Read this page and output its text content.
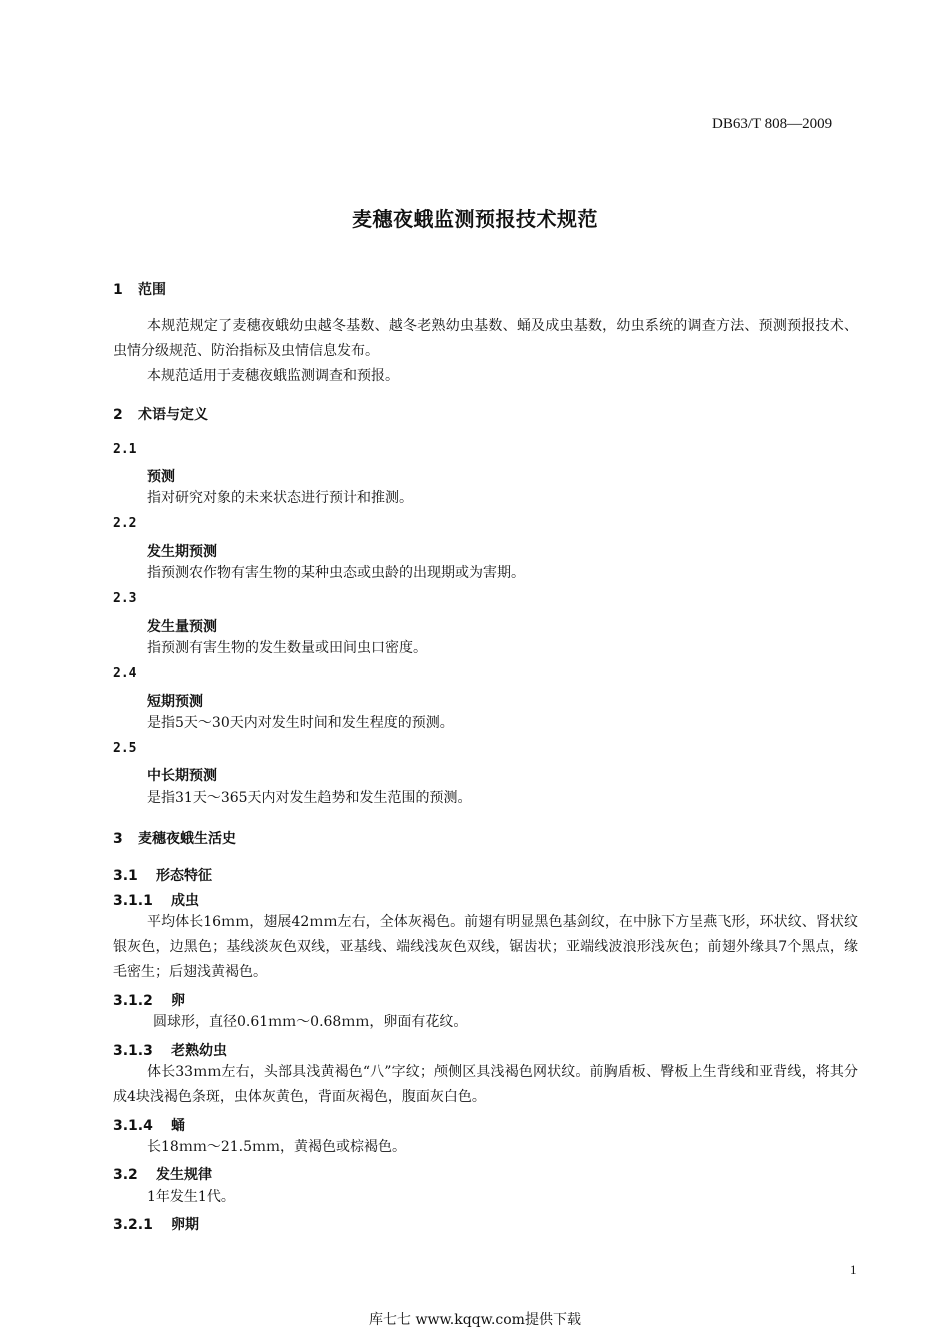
DB63/T 808—2009
麦穗夜蛾监测预报技术规范
1 范围
本规范规定了麦穗夜蛾幼虫越冬基数、越冬老熟幼虫基数、蛹及成虫基数，幼虫系统的调查方法、预测预报技术、虫情分级规范、防治指标及虫情信息发布。
本规范适用于麦穗夜蛾监测调查和预报。
2 术语与定义
2.1
预测
指对研究对象的未来状态进行预计和推测。
2.2
发生期预测
指预测农作物有害生物的某种虫态或虫龄的出现期或为害期。
2.3
发生量预测
指预测有害生物的发生数量或田间虫口密度。
2.4
短期预测
是指5天～30天内对发生时间和发生程度的预测。
2.5
中长期预测
是指31天～365天内对发生趋势和发生范围的预测。
3 麦穗夜蛾生活史
3.1 形态特征
3.1.1 成虫
平均体长16ｍｍ，翅展42ｍｍ左右，全体灰褐色。前翅有明显黑色基剑纹，在中脉下方呈燕飞形，环状纹、肾状纹银灰色，边黑色；基线淡灰色双线，亚基线、端线浅灰色双线，锯齿状；亚端线波浪形浅灰色；前翅外缘具7个黑点，缘毛密生；后翅浅黄褐色。
3.1.2 卵
圆球形，直径0.61ｍｍ～0.68ｍｍ，卵面有花纹。
3.1.3 老熟幼虫
体长33ｍｍ左右，头部具浅黄褐色“八”字纹；颅侧区具浅褐色网状纹。前胸盾板、臀板上生背线和亚背线，将其分成4块浅褐色条斑，虫体灰黄色，背面灰褐色，腹面灰白色。
3.1.4 蛹
长18ｍｍ～21.5ｍｍ，黄褐色或棕褐色。
3.2 发生规律
1年发生1代。
3.2.1 卵期
1
库七七 www.kqqw.com提供下载
